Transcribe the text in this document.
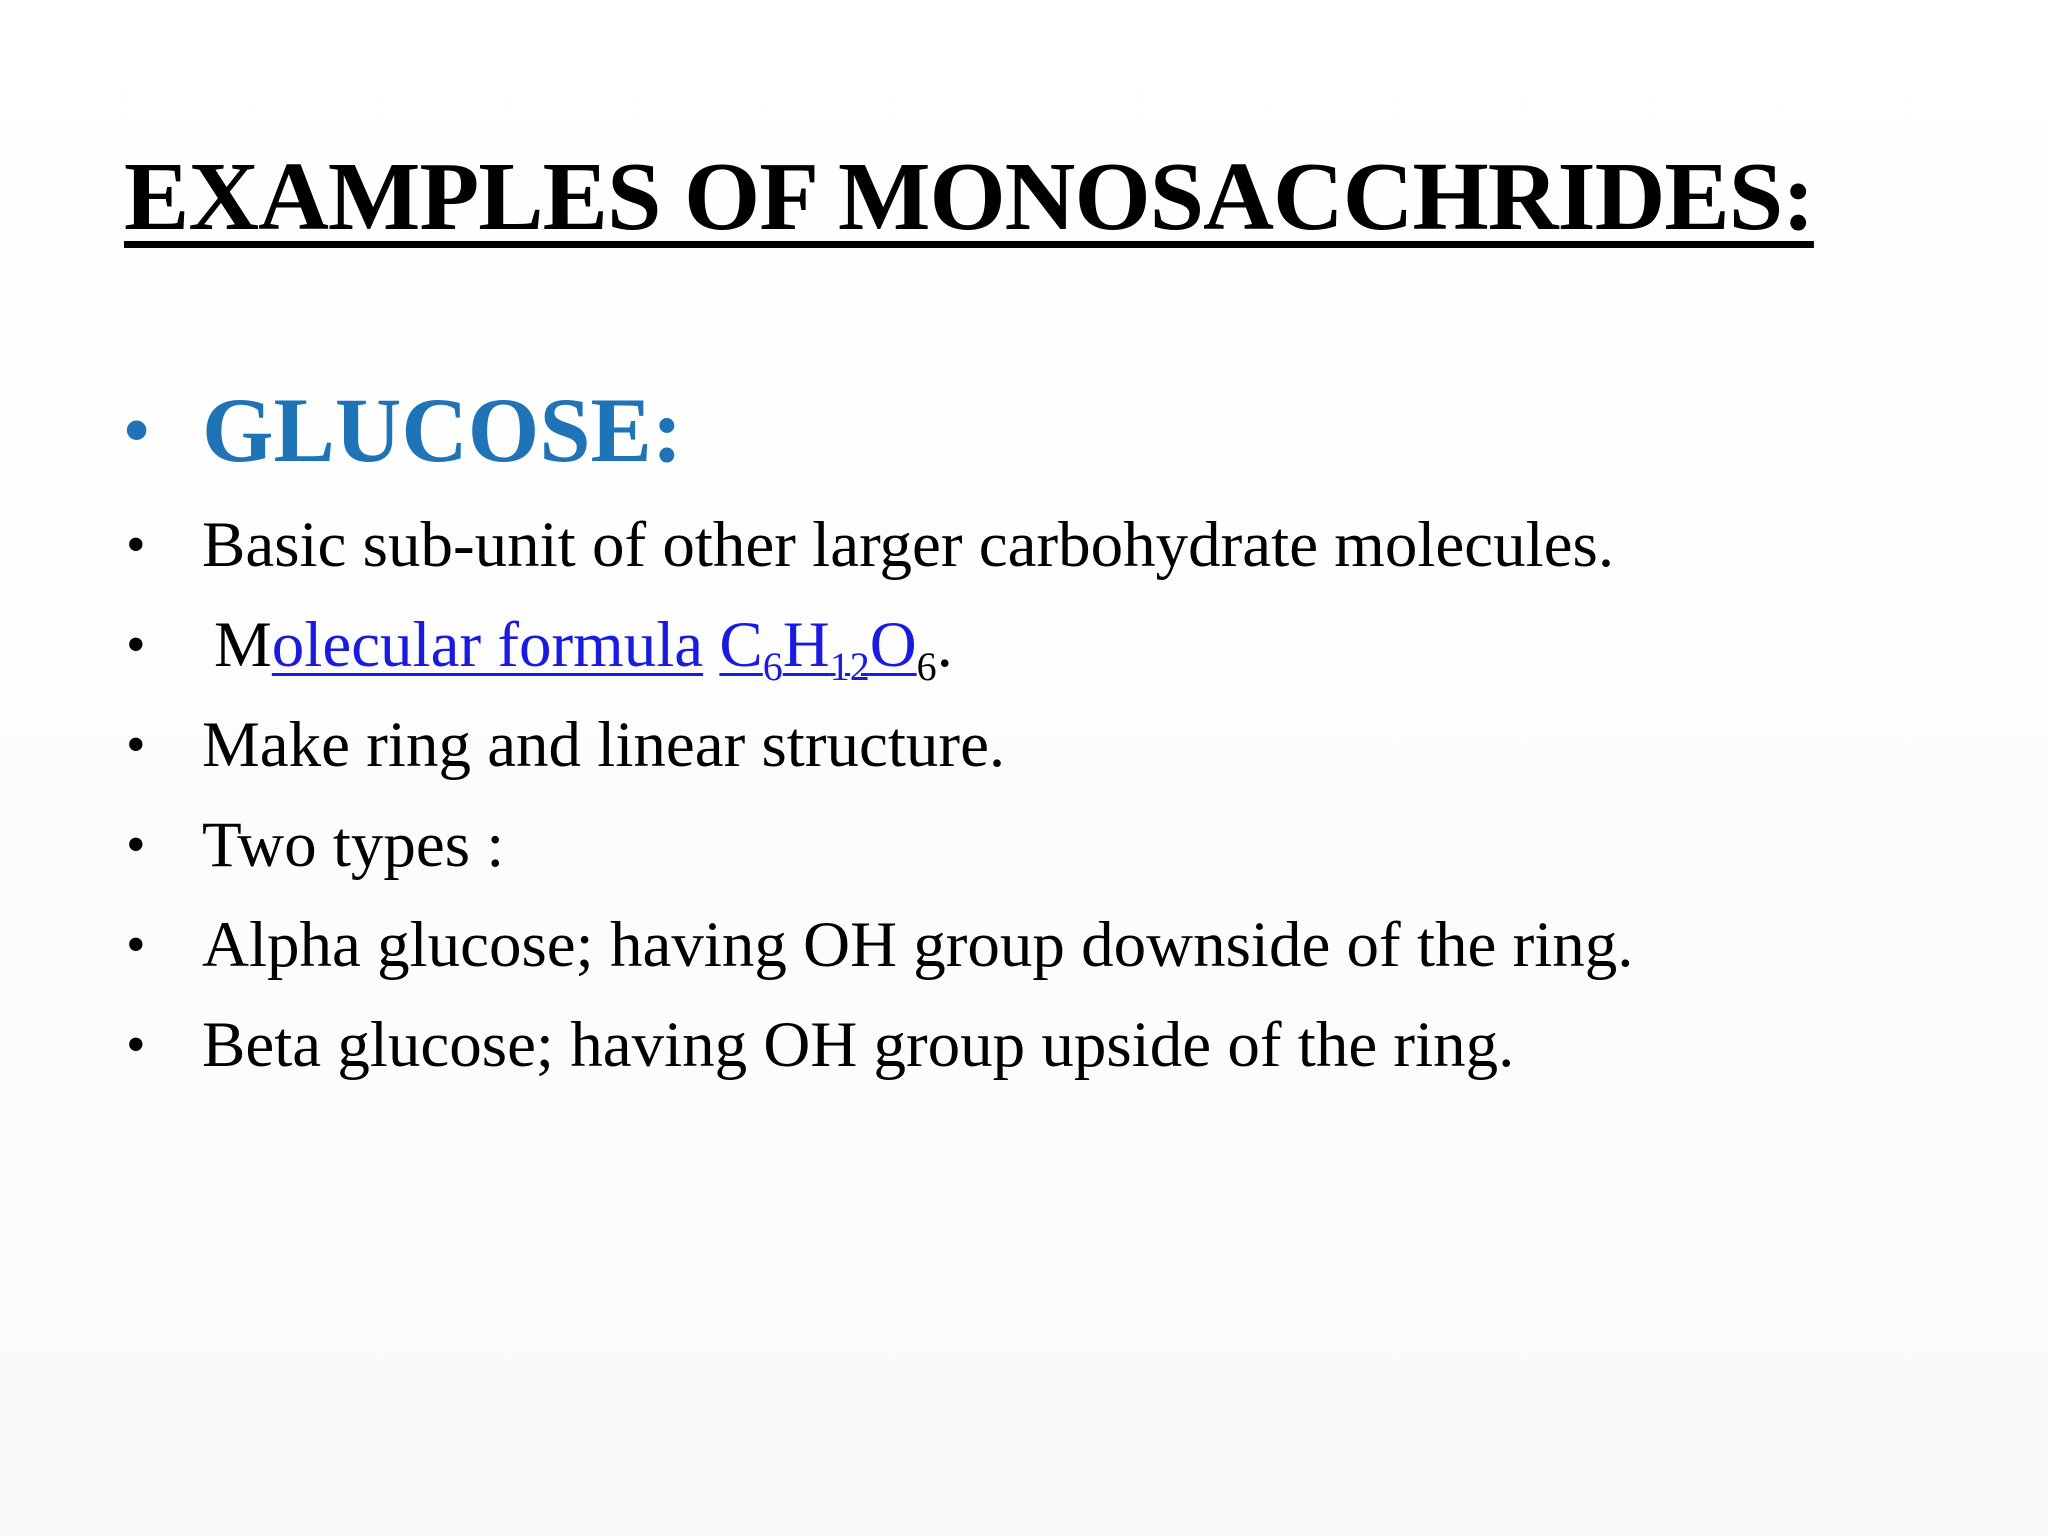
EXAMPLES OF MONOSACCHRIDES:
• GLUCOSE:
• Basic sub-unit of other larger carbohydrate molecules.
• Molecular formula $C_6H_{12}O_6$.
• Make ring and linear structure.
• Two types :
• Alpha glucose; having OH group downside of the ring.
• Beta glucose; having OH group upside of the ring.
